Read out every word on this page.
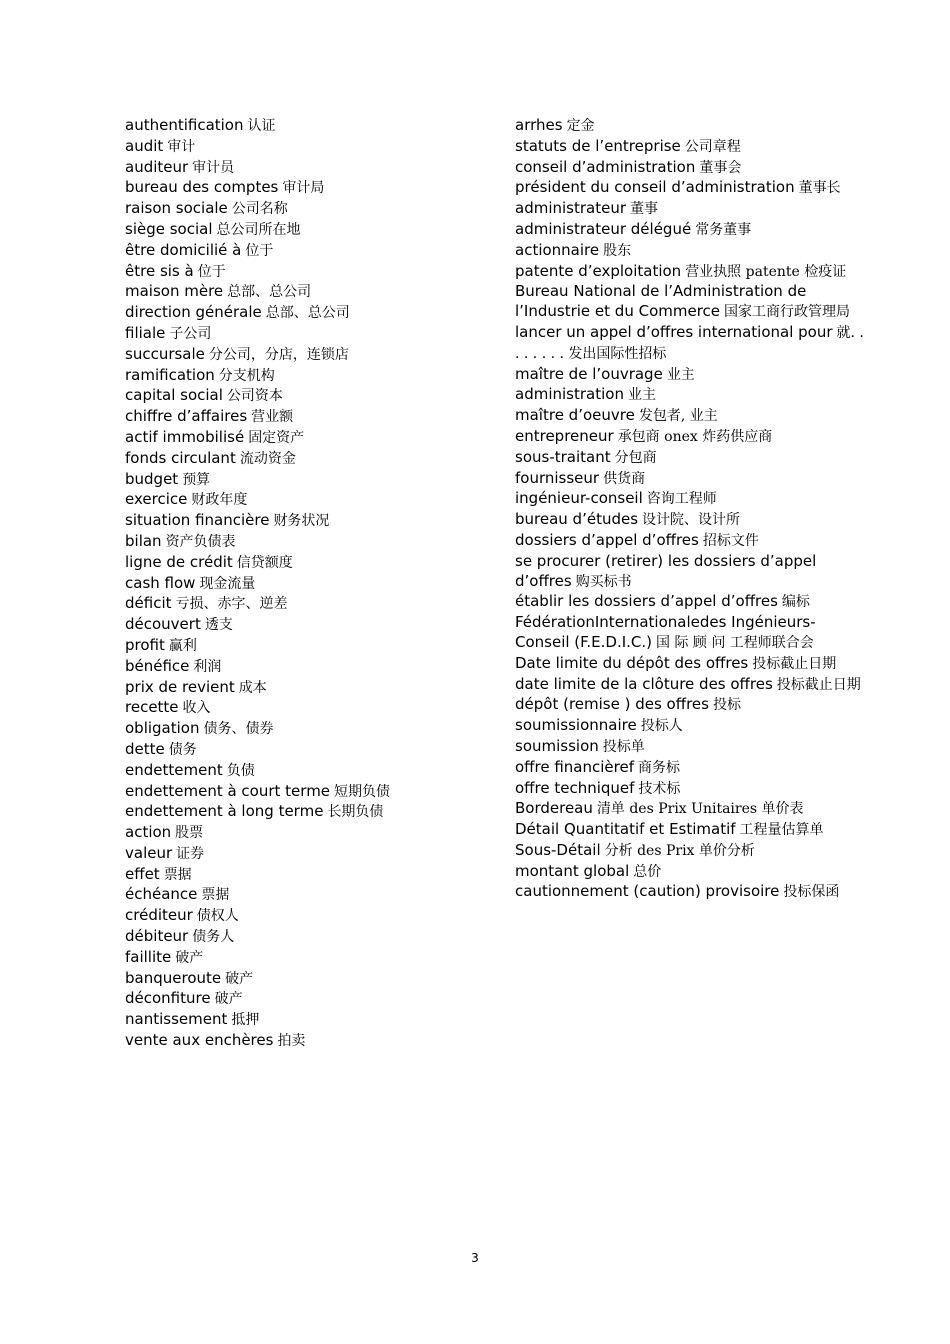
authentification 认证

audit 审计

auditeur 审计员

bureau des comptes 审计局

raison sociale 公司名称

siège social 总公司所在地

être domicilié à 位于

être sis à 位于

maison mère 总部、总公司

direction générale 总部、总公司

filiale 子公司

succursale 分公司，分店，连锁店

ramification 分支机构

capital social 公司资本

chiffre d’affaires 营业额

actif immobilisé 固定资产

fonds circulant 流动资金

budget 预算

exercice 财政年度

situation financière 财务状况

bilan 资产负债表

ligne de crédit 信贷额度

cash flow 现金流量

déficit 亏损、赤字、逆差

découvert 透支

profit 赢利

bénéfice 利润

prix de revient 成本

recette 收入

obligation 债务、债券

dette 债务

endettement 负债

endettement à court terme 短期负债

endettement à long terme 长期负债

action 股票

valeur 证券

effet 票据

échéance 票据

créditeur 债权人

débiteur 债务人

faillite 破产

banqueroute 破产

déconfiture 破产

nantissement 抵押

vente aux enchères 拍卖

arrhes 定金

statuts de l’entreprise 公司章程

conseil d’administration 董事会

président du conseil d’administration 董事长

administrateur 董事

administrateur délégué 常务董事

actionnaire 股东

patente d’exploitation 营业执照 patente 检疫证

Bureau National de l’Administration de l’Industrie et du Commerce 国家工商行政管理局

lancer un appel d’offres international pour 就. . . . . . . . 发出国际性招标

maître de l’ouvrage 业主

administration 业主

maître d’oeuvre 发包者, 业主

entrepreneur 承包商 onex 炸药供应商

sous-traitant 分包商

fournisseur 供货商

ingénieur-conseil 咨询工程师

bureau d’études 设计院、设计所

dossiers d’appel d’offres 招标文件

se procurer (retirer) les dossiers d’appel d’offres 购买标书

établir les dossiers d’appel d’offres 编标

FédérationInternationaledes Ingénieurs-Conseil (F.E.D.I.C.) 国 际 顾 问 工程师联合会

Date limite du dépôt des offres 投标截止日期

date limite de la clôture des offres 投标截止日期

dépôt (remise ) des offres 投标

soumissionnaire 投标人

soumission 投标单

offre financièref 商务标

offre techniquef 技术标

Bordereau 清单 des Prix Unitaires 单价表

Détail Quantitatif et Estimatif 工程量估算单

Sous-Détail 分析 des Prix 单价分析

montant global 总价

cautionnement (caution) provisoire 投标保函

3
